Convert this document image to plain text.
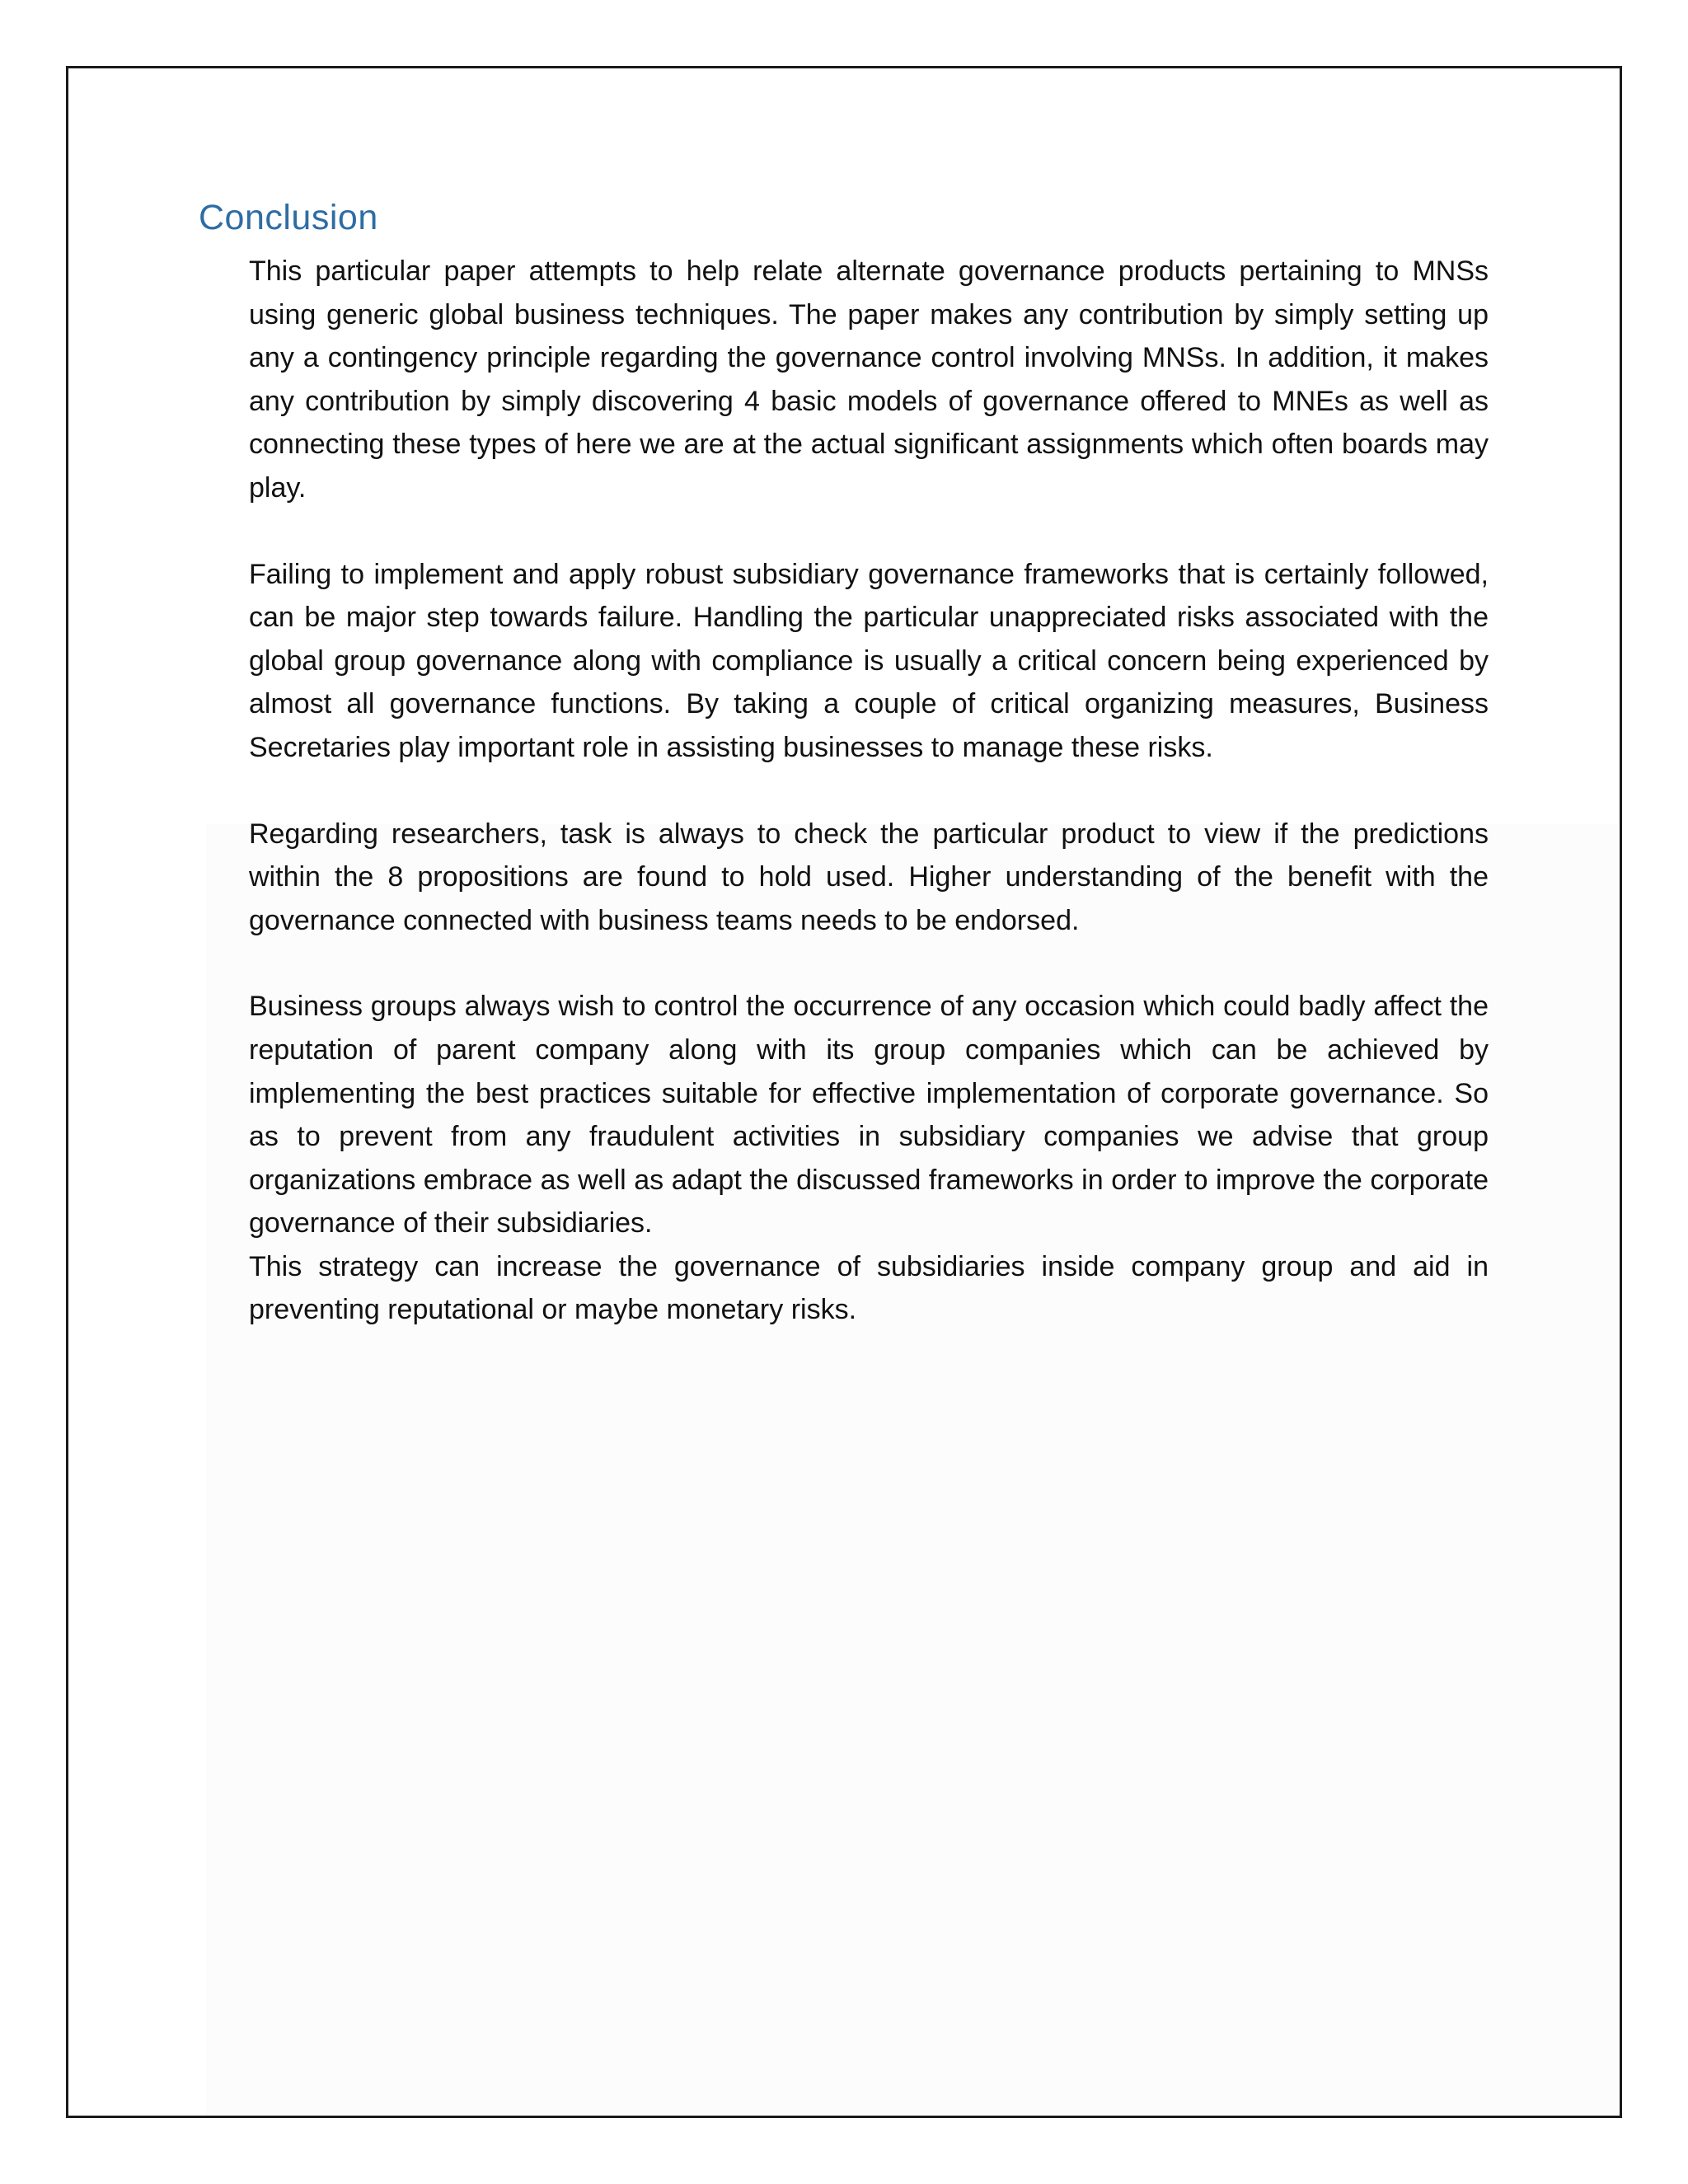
Conclusion

This particular paper attempts to help relate alternate governance products pertaining to MNSs using generic global business techniques. The paper makes any contribution by simply setting up any a contingency principle regarding the governance control involving MNSs. In addition, it makes any contribution by simply discovering 4 basic models of governance offered to MNEs as well as connecting these types of here we are at the actual significant assignments which often boards may play.

Failing to implement and apply robust subsidiary governance frameworks that is certainly followed, can be major step towards failure. Handling the particular unappreciated risks associated with the global group governance along with compliance is usually a critical concern being experienced by almost all governance functions. By taking a couple of critical organizing measures, Business Secretaries play important role in assisting businesses to manage these risks.

Regarding researchers, task is always to check the particular product to view if the predictions within the 8 propositions are found to hold used. Higher understanding of the benefit with the governance connected with business teams needs to be endorsed.

Business groups always wish to control the occurrence of any occasion which could badly affect the reputation of parent company along with its group companies which can be achieved by implementing the best practices suitable for effective implementation of corporate governance. So as to prevent from any fraudulent activities in subsidiary companies we advise that group organizations embrace as well as adapt the discussed frameworks in order to improve the corporate governance of their subsidiaries.

This strategy can increase the governance of subsidiaries inside company group and aid in preventing reputational or maybe monetary risks.
